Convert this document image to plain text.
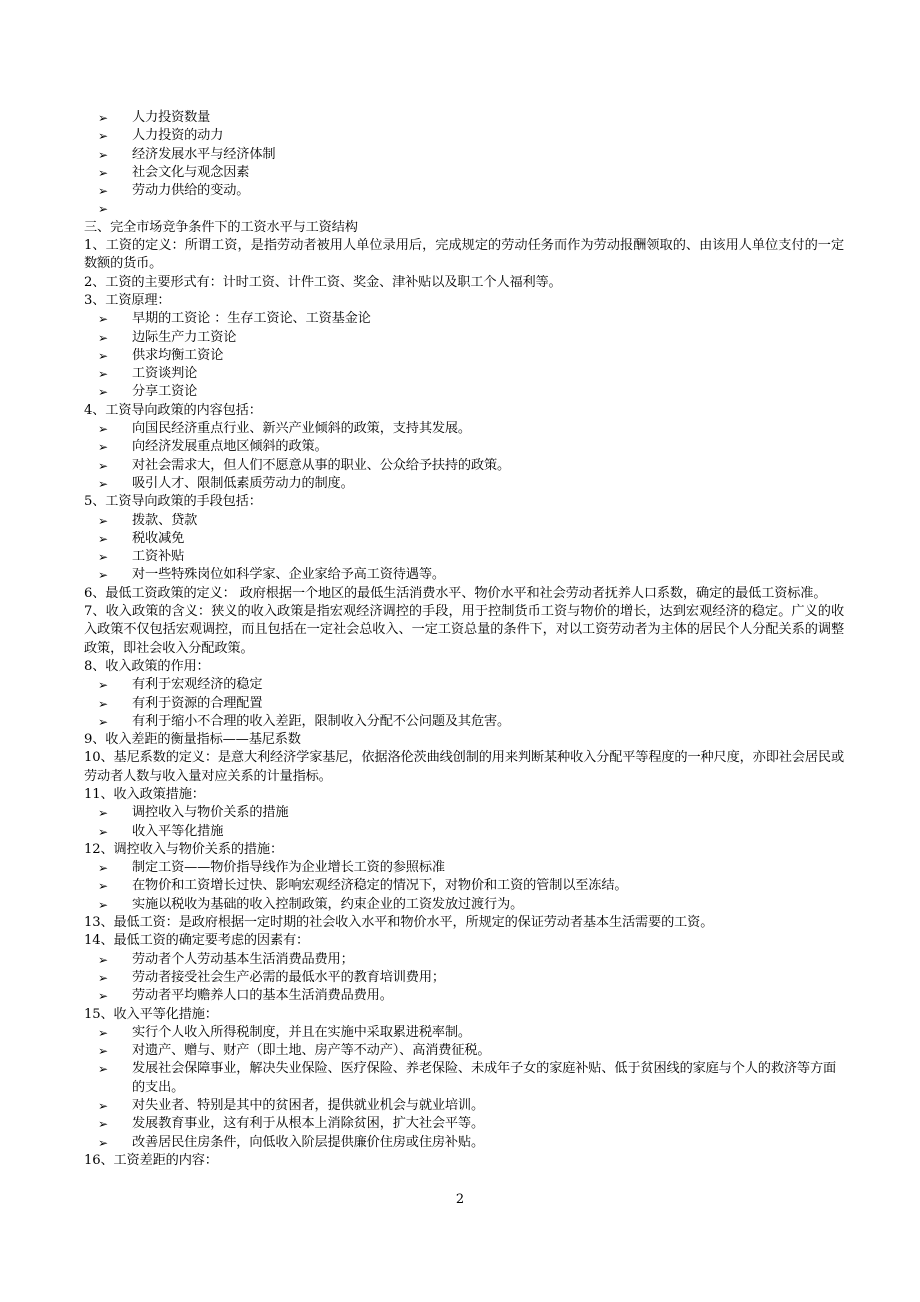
➢ 人力投资数量
➢ 人力投资的动力
➢ 经济发展水平与经济体制
➢ 社会文化与观念因素
➢ 劳动力供给的变动。
➢
三、完全市场竞争条件下的工资水平与工资结构
1、工资的定义：所谓工资，是指劳动者被用人单位录用后，完成规定的劳动任务而作为劳动报酬领取的、由该用人单位支付的一定数额的货币。
2、工资的主要形式有：计时工资、计件工资、奖金、津补贴以及职工个人福利等。
3、工资原理：
➢ 早期的工资论 ：生存工资论、工资基金论
➢ 边际生产力工资论
➢ 供求均衡工资论
➢ 工资谈判论
➢ 分享工资论
4、工资导向政策的内容包括：
➢ 向国民经济重点行业、新兴产业倾斜的政策，支持其发展。
➢ 向经济发展重点地区倾斜的政策。
➢ 对社会需求大，但人们不愿意从事的职业、公众给予扶持的政策。
➢ 吸引人才、限制低素质劳动力的制度。
5、工资导向政策的手段包括：
➢ 拨款、贷款
➢ 税收减免
➢ 工资补贴
➢ 对一些特殊岗位如科学家、企业家给予高工资待遇等。
6、最低工资政策的定义： 政府根据一个地区的最低生活消费水平、物价水平和社会劳动者抚养人口系数，确定的最低工资标准。
7、收入政策的含义：狭义的收入政策是指宏观经济调控的手段，用于控制货币工资与物价的增长，达到宏观经济的稳定。广义的收入政策不仅包括宏观调控，而且包括在一定社会总收入、一定工资总量的条件下，对以工资劳动者为主体的居民个人分配关系的调整政策，即社会收入分配政策。
8、收入政策的作用：
➢ 有利于宏观经济的稳定
➢ 有利于资源的合理配置
➢ 有利于缩小不合理的收入差距，限制收入分配不公问题及其危害。
9、收入差距的衡量指标——基尼系数
10、基尼系数的定义：是意大利经济学家基尼，依据洛伦茨曲线创制的用来判断某种收入分配平等程度的一种尺度，亦即社会居民或劳动者人数与收入量对应关系的计量指标。
11、收入政策措施：
➢ 调控收入与物价关系的措施
➢ 收入平等化措施
12、调控收入与物价关系的措施：
➢ 制定工资——物价指导线作为企业增长工资的参照标准
➢ 在物价和工资增长过快、影响宏观经济稳定的情况下，对物价和工资的管制以至冻结。
➢ 实施以税收为基础的收入控制政策，约束企业的工资发放过渡行为。
13、最低工资：是政府根据一定时期的社会收入水平和物价水平，所规定的保证劳动者基本生活需要的工资。
14、最低工资的确定要考虑的因素有：
➢ 劳动者个人劳动基本生活消费品费用；
➢ 劳动者接受社会生产必需的最低水平的教育培训费用；
➢ 劳动者平均赡养人口的基本生活消费品费用。
15、收入平等化措施：
➢ 实行个人收入所得税制度，并且在实施中采取累进税率制。
➢ 对遗产、赠与、财产（即土地、房产等不动产）、高消费征税。
➢ 发展社会保障事业，解决失业保险、医疗保险、养老保险、未成年子女的家庭补贴、低于贫困线的家庭与个人的救济等方面的支出。
➢ 对失业者、特别是其中的贫困者，提供就业机会与就业培训。
➢ 发展教育事业，这有利于从根本上消除贫困，扩大社会平等。
➢ 改善居民住房条件，向低收入阶层提供廉价住房或住房补贴。
16、工资差距的内容：
2
